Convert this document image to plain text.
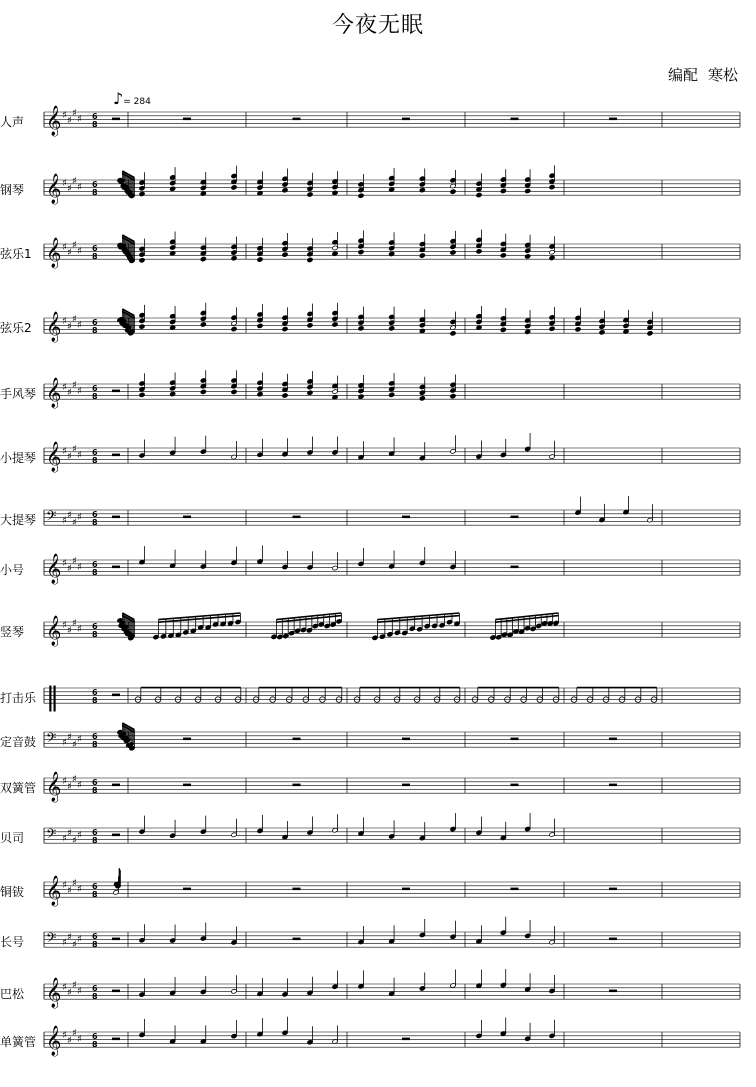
今夜无眠
编配 寒松
♪= 284
人声
钢琴
弦乐1
弦乐2
手风琴
小提琴
大提琴
小号
竖琴
打击乐
定音鼓
双簧管
贝司
铜钹
长号
巴松
单簧管
𝄞 ♯
♯
♯
♯ 6
8
𝄞 ♯
♯
♯
♯ 6
8
𝄞 ♯
♯
♯
♯ 6
8
𝄞 ♯
♯
♯
♯ 6
8
𝄞 ♯
♯
♯
♯ 6
8
𝄞 ♯
♯
♯
♯ 6
8
𝄢 ♯
♯
♯
♯ 6
8
𝄞 ♯
♯
♯
♯ 6
8
𝄞 ♯
♯
♯
♯ 6
8
‖	6
8
𝄢 ♯
♯
♯
♯ 6
8
𝄞 ♯
♯
♯
♯ 6
8
𝄢 ♯
♯
♯
♯ 6
8
𝄞 ♯
♯
♯
♯ 6
8
𝄢 ♯
♯
♯
♯ 6
8
𝄞 ♯
♯
♯
♯ 6
8
𝄞 ♯
♯
♯
♯ 6
8
